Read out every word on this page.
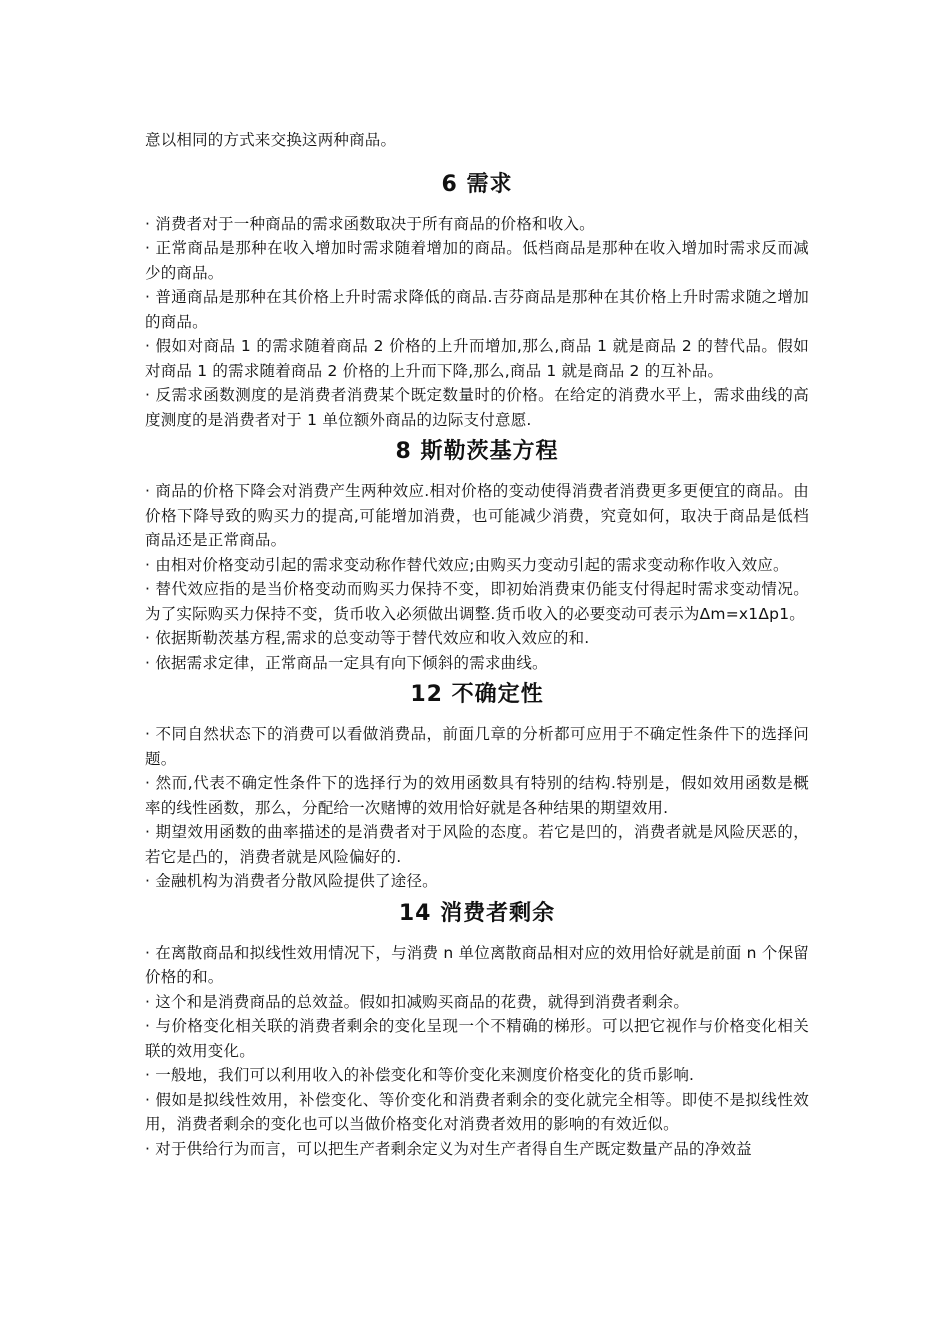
意以相同的方式来交换这两种商品。

6 需求

· 消费者对于一种商品的需求函数取决于所有商品的价格和收入。

· 正常商品是那种在收入增加时需求随着增加的商品。低档商品是那种在收入增加时需求反而减少的商品。

· 普通商品是那种在其价格上升时需求降低的商品.吉芬商品是那种在其价格上升时需求随之增加的商品。

· 假如对商品 1 的需求随着商品 2 价格的上升而增加,那么,商品 1 就是商品 2 的替代品。假如对商品 1 的需求随着商品 2 价格的上升而下降,那么,商品 1 就是商品 2 的互补品。

· 反需求函数测度的是消费者消费某个既定数量时的价格。在给定的消费水平上，需求曲线的高度测度的是消费者对于 1 单位额外商品的边际支付意愿.

8 斯勒茨基方程

· 商品的价格下降会对消费产生两种效应.相对价格的变动使得消费者消费更多更便宜的商品。由价格下降导致的购买力的提高,可能增加消费，也可能减少消费，究竟如何，取决于商品是低档商品还是正常商品。

· 由相对价格变动引起的需求变动称作替代效应;由购买力变动引起的需求变动称作收入效应。

· 替代效应指的是当价格变动而购买力保持不变，即初始消费束仍能支付得起时需求变动情况。为了实际购买力保持不变，货币收入必须做出调整.货币收入的必要变动可表示为Δm=x1Δp1。

· 依据斯勒茨基方程,需求的总变动等于替代效应和收入效应的和.

· 依据需求定律，正常商品一定具有向下倾斜的需求曲线。

12 不确定性

· 不同自然状态下的消费可以看做消费品，前面几章的分析都可应用于不确定性条件下的选择问题。

· 然而,代表不确定性条件下的选择行为的效用函数具有特别的结构.特别是，假如效用函数是概率的线性函数，那么，分配给一次赌博的效用恰好就是各种结果的期望效用.

· 期望效用函数的曲率描述的是消费者对于风险的态度。若它是凹的，消费者就是风险厌恶的，若它是凸的，消费者就是风险偏好的.

· 金融机构为消费者分散风险提供了途径。

14 消费者剩余

· 在离散商品和拟线性效用情况下，与消费 n 单位离散商品相对应的效用恰好就是前面 n 个保留价格的和。

· 这个和是消费商品的总效益。假如扣减购买商品的花费，就得到消费者剩余。

· 与价格变化相关联的消费者剩余的变化呈现一个不精确的梯形。可以把它视作与价格变化相关联的效用变化。

· 一般地，我们可以利用收入的补偿变化和等价变化来测度价格变化的货币影响.

· 假如是拟线性效用，补偿变化、等价变化和消费者剩余的变化就完全相等。即使不是拟线性效用，消费者剩余的变化也可以当做价格变化对消费者效用的影响的有效近似。

· 对于供给行为而言，可以把生产者剩余定义为对生产者得自生产既定数量产品的净效益
